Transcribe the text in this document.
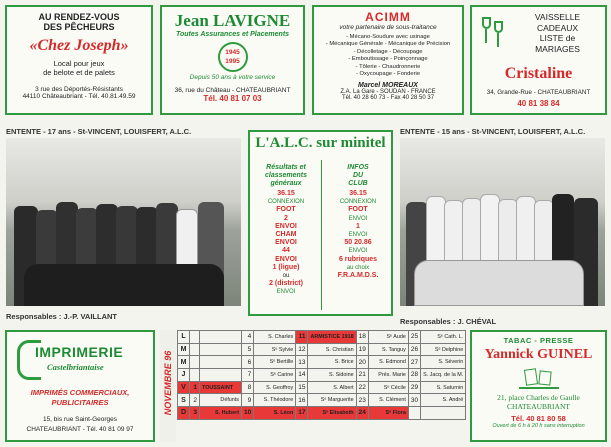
AU RENDEZ-VOUS
DES PÊCHEURS
«Chez Joseph»
Local pour jeux
de belote et de palets
3 rue des Déportés-Résistants
44110 Châteaubriant - Tél. 40.81.49.59
Jean LAVIGNE
Toutes Assurances et Placements
1945
1995
Depuis 50 ans à votre service
36, rue du Château - CHATEAUBRIANT
Tél. 40 81 07 03
ACIMM
votre partenaire de sous-traitance
- Mécano-Soudure avec usinage
- Mécanique Générale - Mécanique de Précision
- Décolletage - Découpage
- Emboutissage - Poinçonnage
- Tôlerie - Chaudronnerie
- Oxycoupage - Fonderie
Marcel MOREAUX
Z.A. La Gare - SOUDAN - FRANCE
Tél. 40 28 60 73 - Fax 40 28 50 37
VAISSELLE
CADEAUX
LISTE de
MARIAGES
Cristaline
34, Grande-Rue - CHATEAUBRIANT
40 81 38 84
ENTENTE - 17 ans - St-VINCENT, LOUISFERT, A.L.C.
Responsables : J.-P. VAILLANT
ENTENTE - 15 ans - St-VINCENT, LOUISFERT, A.L.C.
Responsables : J. CHÉVAL
L'A.L.C. sur minitel
Résultats et
classements
généraux
36.15
CONNEXION
FOOT
2
ENVOI
CHAM
ENVOI
44
ENVOI
1 (ligue)
ou
2 (district)
ENVOI
INFOS
DU
CLUB
36.15
CONNEXION
FOOT
ENVOI
1
ENVOI
50 20.86
ENVOI
6 rubriques
au choix
F.R.A.M.D.S.
IMPRIMERIE
Castelbriantaise
IMPRIMÉS COMMERCIAUX,
PUBLICITAIRES
15, bis rue Saint-Georges
CHATEAUBRIANT - Tél. 40 81 09 97
TABAC - PRESSE
Yannick GUINEL
21, place Charles de Gaulle
CHATEAUBRIANT
Tél. 40 81 80 58
Ouvert de 6 h à 20 h sans interruption
NOVEMBRE 96
L			4	S. Charles	11	ARMISTICE 1918	18	Sᵉ Aude	25	Sᵉ Cath. L.
M			5	Sᵉ Sylvie	12	S. Christian	19	S. Tanguy	26	Sᵉ Delphine
M			6	Sᵉ Bertille	13	S. Brice	20	S. Edmond	27	S. Séverin
J			7	Sᵉ Carine	14	S. Sidoine	21	Prés. Marie	28	S. Jacq. de la M.
V	1	TOUSSAINT	8	S. Geoffroy	15	S. Albert	22	Sᵉ Cécile	29	S. Saturnin
S	2	Défunts	9	S. Théodore	16	Sᵉ Marguerite	23	S. Clément	30	S. André
D	3	S. Hubert	10	S. Léon	17	Sᵉ Elisabeth	24	Sᵉ Flora		
